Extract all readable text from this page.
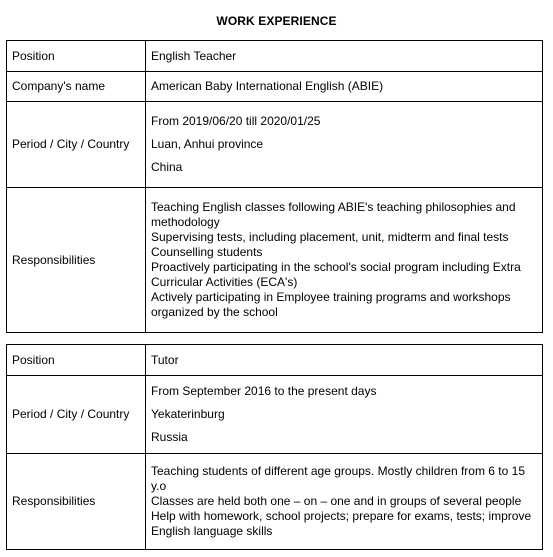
WORK EXPERIENCE
Position	English Teacher
Company's name	American Baby International English (ABIE)
Period / City / Country	From 2019/06/20 till 2020/01/25
Luan, Anhui province
China

Responsibilities	Teaching English classes following ABIE's teaching philosophies and methodology
Supervising tests, including placement, unit, midterm and final tests
Counselling students
Proactively participating in the school's social program including Extra Curricular Activities (ECA's)
Actively participating in Employee training programs and workshops organized by the school
Position	Tutor
Period / City / Country	From September 2016 to the present days
Yekaterinburg
Russia

Responsibilities	Teaching students of different age groups. Mostly children from 6 to 15 y.o
Classes are held both one – on – one and in groups of several people
Help with homework, school projects; prepare for exams, tests; improve English language skills
